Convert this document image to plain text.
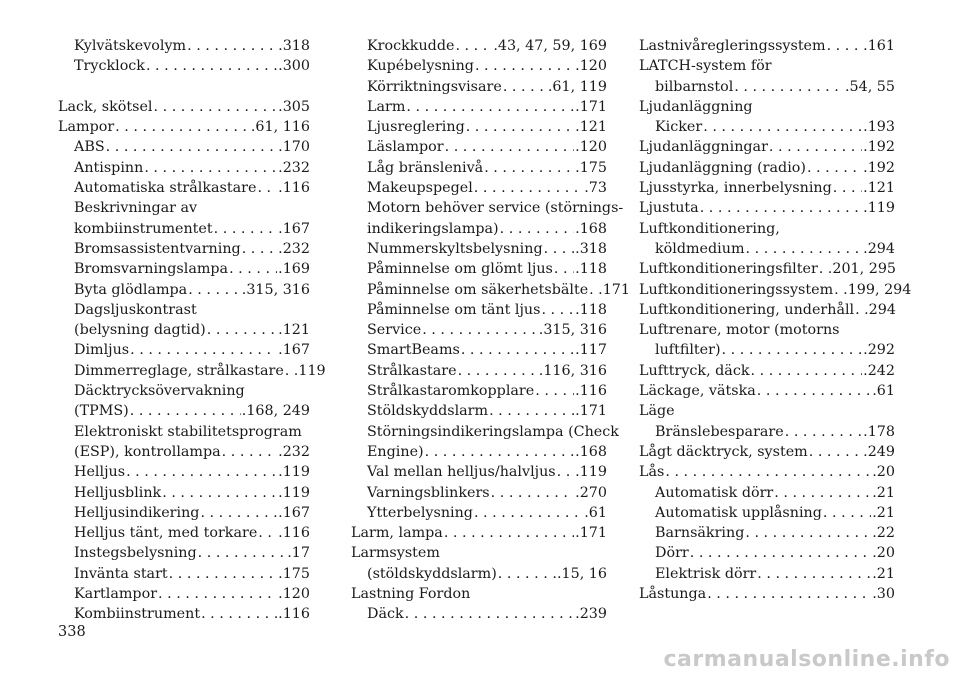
Kylvätskevolym . . .	.318
Trycklock . . .	.300
Lack, skötsel . . .	.305
Lampor . . .	.61, 116
ABS . . .	.170
Antispinn . . .	.232
Automatiska strålkastare . . . .116
Beskrivningar av
kombiinstrumentet . . .	.167
Bromsassistentvarning . . .	.232
Bromsvarningslampa . . .	.169
Byta glödlampa . . .	.315, 316
Dagsljuskontrast
(belysning dagtid) . . .	.121
Dimljus . . .	.167
Dimmerreglage, strålkastare . . . .119
Däcktrycksövervakning
(TPMS) . . .	.168, 249
Elektroniskt stabilitetsprogram
(ESP), kontrollampa . . .	.232
Helljus . . .	.119
Helljusblink . . .	.119
Helljusindikering . . .	.167
Helljus tänt, med torkare . . . .116
Instegsbelysning . . .	.17
Invänta start . . .	.175
Kartlampor . . .	.120
Kombiinstrument . . .	.116
Krockkudde . . .	.43, 47, 59, 169
Kupébelysning . . .	.120
Körriktningsvisare . . .	.61, 119
Larm . . .	.171
Ljusreglering . . .	.121
Läslampor . . .	.120
Låg bränslenivå . . .	.175
Makeupspegel . . .	.73
Motorn behöver service (störnings-
indikeringslampa) . . .	.168
Nummerskyltsbelysning . . . .318
Påminnelse om glömt ljus . . . .118
Påminnelse om säkerhetsbälte . . . .171
Påminnelse om tänt ljus . . . .118
Service . . .	.315, 316
SmartBeams . . .	.117
Strålkastare . . .	.116, 316
Strålkastaromkopplare . . .	.116
Stöldskyddslarm . . .	.171
Störningsindikeringslampa (Check
Engine) . . .	.168
Val mellan helljus/halvljus . . . .119
Varningsblinkers . . .	.270
Ytterbelysning . . .	.61
Larm, lampa . . .	.171
Larmsystem
(stöldskyddslarm) . . .	.15, 16
Lastning Fordon
Däck . . .	.239
Lastnivåregleringssystem . . .	.161
LATCH-system för
bilbarnstol . . .	.54, 55
Ljudanläggning
Kicker . . .	.193
Ljudanläggningar . . .	.192
Ljudanläggning (radio) . . .	.192
Ljusstyrka, innerbelysning . . . .121
Ljustuta . . .	.119
Luftkonditionering,
köldmedium . . .	.294
Luftkonditioneringsfilter . . . .201, 295
Luftkonditioneringssystem . . . .199, 294
Luftkonditionering, underhåll . . . .294
Luftrenare, motor (motorns
luftfilter) . . .	.292
Lufttryck, däck . . .	.242
Läckage, vätska . . .	.61
Läge
Bränslebesparare . . .	.178
Lågt däcktryck, system . . .	.249
Lås . . .	.20
Automatisk dörr . . .	.21
Automatisk upplåsning . . .	.21
Barnsäkring . . .	.22
Dörr . . .	.20
Elektrisk dörr . . .	.21
Låstunga . . .	.30
338
carmanualsonline.info
